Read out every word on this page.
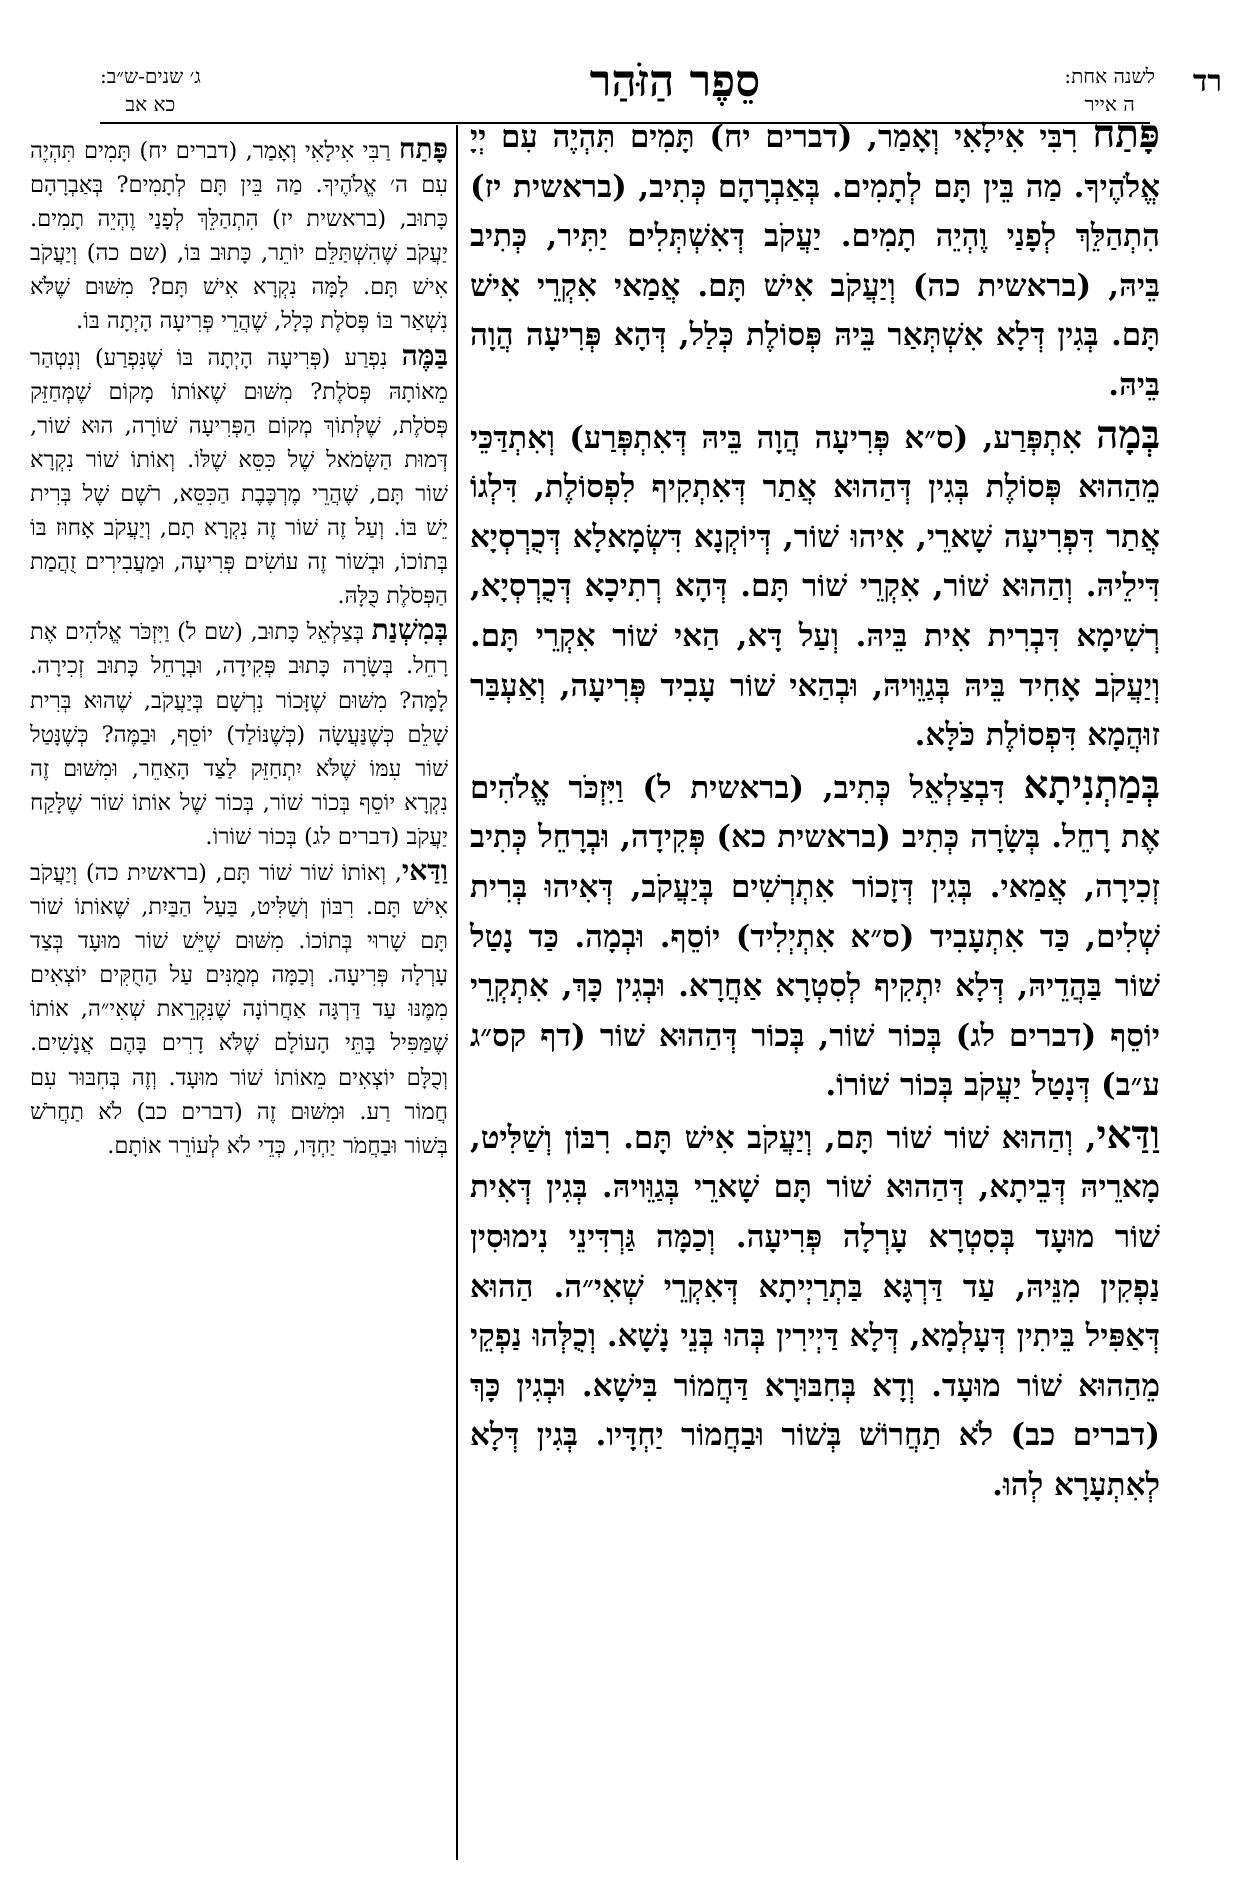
רד
לשנה אחת:
ה אייר
סֵפֶר הַזֹּהַר
ג׳ שנים-ש״ב:
כא אב

פָּתַח רִבִּי אִילָאִי וְאָמַר, (דברים יח) תָּמִים תִּהְיֶה עִם יְיָ אֱלֹהֶיךָ. מַה בֵּין תָּם לְתָמִים. בְּאַבְרָהָם כְּתִיב, (בראשית יז) הִתְהַלֵּךְ לְפָנַי וֶהְיֵה תָמִים. יַעֲקֹב דְּאִשְׁתְּלִים יַתִּיר, כְּתִיב בֵּיהּ, (בראשית כה) וְיַעֲקֹב אִישׁ תָּם. אֲמַאי אִקְרֵי אִישׁ תָּם. בְּגִין דְּלָא אִשְׁתְּאַר בֵּיהּ פְּסוֹלֶת כְּלַל, דְּהָא פְּרִיעָה הֲוָה בֵּיהּ.

בְּמָה אִתְפְּרַע, (ס״א פְּרִיעָה הֲוָה בֵּיהּ דְּאִתְפְּרַע) וְאִתְדַּכֵּי מֵהַהוּא פְּסוֹלֶת בְּגִין דְּהַהוּא אֲתַר דְּאִתְקִיף לִפְסוֹלֶת, דִּלְגוֹ אֲתַר דִּפְרִיעָה שָׁארֵי, אִיהוּ שׁוֹר, דְּיוֹקְנָא דִּשְׂמָאלָא דְּכֻרְסְיָא דִּילֵיהּ. וְהַהוּא שׁוֹר, אִקְרֵי שׁוֹר תָּם. דְּהָא רְתִיכָא דְּכֻרְסְיָא, רְשִׁימָא דִּבְרִית אִית בֵּיהּ. וְעַל דָּא, הַאי שׁוֹר אִקְרֵי תָּם. וְיַעֲקֹב אָחִיד בֵּיהּ בְּגַוֵּויהּ, וּבְהַאי שׁוֹר עָבִיד פְּרִיעָה, וְאַעְבַּר זוּהֲמָא דִּפְסוֹלֶת כֹּלָּא.

בְּמַתְנִיתָא דִּבְצַלְאֵל כְּתִיב, (בראשית ל) וַיִּזְכֹּר אֱלֹהִים אֶת רָחֵל. בְּשָׂרָה כְּתִיב (בראשית כא) פְּקִידָה, וּבְרָחֵל כְּתִיב זְכִירָה, אֲמַאי. בְּגִין דְּזָכוֹר אִתְרְשִׁים בְּיַעֲקֹב, דְּאִיהוּ בְּרִית שְׁלִים, כַּד אִתְעָבִיד (ס״א אִתְיְלִיד) יוֹסֵף. וּבְמָה. כַּד נָטַל שׁוֹר בַּהֲדֵיהּ, דְּלָא יִתְקִיף לְסִטְרָא אַחֲרָא. וּבְגִין כָּךְ, אִתְקְרֵי יוֹסֵף (דברים לג) בְּכוֹר שׁוֹר, בְּכוֹר דְּהַהוּא שׁוֹר (דף קס״ג ע״ב) דְּנָטַל יַעֲקֹב בְּכוֹר שׁוֹרוֹ.

וַדַּאי, וְהַהוּא שׁוֹר שׁוֹר תָּם, וְיַעֲקֹב אִישׁ תָּם. רִבּוֹן וְשַׁלִּיט, מָארֵיהּ דְּבֵיתָא, דְּהַהוּא שׁוֹר תָּם שָׁארֵי בְּגַוֵּויהּ. בְּגִין דְּאִית שׁוֹר מוּעָד בְּסִטְרָא עָרְלָה פְּרִיעָה. וְכַמָּה גַּרְדִּינֵי נִימוּסִין נַפְקִין מִנֵּיהּ, עַד דַּרְגָּא בַּתְרַיְיתָא דְּאִקְרֵי שְׁאִי״ה. הַהוּא דְּאַפִּיל בֵּיתִין דְּעָלְמָא, דְּלָא דַּיְירִין בְּהוּ בְּנֵי נָשָׁא. וְכֻלְּהוּ נַפְקֵי מֵהַהוּא שׁוֹר מוּעָד. וְדָא בְּחִבּוּרָא דַּחֲמוֹר בִּישָׁא. וּבְגִין כָּךְ (דברים כב) לֹא תַחֲרוֹשׁ בְּשׁוֹר וּבַחֲמוֹר יַחְדָּיו. בְּגִין דְּלָא לְאִתְעָרָא לְהוּ.

פָּתַח רַבִּי אִילָאִי וְאָמַר, (דברים יח) תָּמִים תִּהְיֶה עִם ה׳ אֱלֹהֶיךָ. מַה בֵּין תָּם לְתָמִים? בְּאַבְרָהָם כָּתוּב, (בראשית יז) הִתְהַלֵּךְ לְפָנַי וֶהְיֵה תָמִים. יַעֲקֹב שֶׁהִשְׁתַּלֵּם יוֹתֵר, כָּתוּב בּוֹ, (שם כה) וְיַעֲקֹב אִישׁ תָּם. לָמָּה נִקְרָא אִישׁ תָּם? מִשּׁוּם שֶׁלֹּא נִשְׁאַר בּוֹ פְּסֹלֶת כְּלָל, שֶׁהֲרֵי פְּרִיעָה הָיְתָה בּוֹ.

בַּמֶּה נִפְרַע (פְּרִיעָה הָיְתָה בּוֹ שֶׁנִּפְרַע) וְנִטְהַר מֵאוֹתָהּ פְּסֹלֶת? מִשּׁוּם שֶׁאוֹתוֹ מָקוֹם שֶׁמְּחַזֵּק פְּסֹלֶת, שֶׁלְּתוֹךְ מְקוֹם הַפְּרִיעָה שׁוֹרָה, הוּא שׁוֹר, דְּמוּת הַשְּׂמֹאל שֶׁל כִּסֵּא שֶׁלּוֹ. וְאוֹתוֹ שׁוֹר נִקְרָא שׁוֹר תָּם, שֶׁהֲרֵי מֶרְכֶּבֶת הַכִּסֵּא, רֹשֶׁם שֶׁל בְּרִית יֵשׁ בּוֹ. וְעַל זֶה שׁוֹר זֶה נִקְרָא תָם, וְיַעֲקֹב אָחוּז בּוֹ בְּתוֹכוֹ, וּבְשׁוֹר זֶה עוֹשִׂים פְּרִיעָה, וּמַעֲבִירִים זֻהֲמַת הַפְּסֹלֶת כֻּלָּהּ.

בְּמִשְׁנַת בְּצַלְאֵל כָּתוּב, (שם ל) וַיִּזְכֹּר אֱלֹהִים אֶת רָחֵל. בְּשָׂרָה כָּתוּב פְּקִידָה, וּבְרָחֵל כָּתוּב זְכִירָה. לָמָּה? מִשּׁוּם שֶׁזָּכוֹר נִרְשָׁם בְּיַעֲקֹב, שֶׁהוּא בְּרִית שָׁלֵם כְּשֶׁנַּעֲשָׂה (כְּשֶׁנּוֹלַד) יוֹסֵף, וּבַמֶּה? כְּשֶׁנָּטַל שׁוֹר עִמּוֹ שֶׁלֹּא יִתְחַזֵּק לַצַּד הָאַחֵר, וּמִשּׁוּם זֶה נִקְרָא יוֹסֵף בְּכוֹר שׁוֹר, בְּכוֹר שֶׁל אוֹתוֹ שׁוֹר שֶׁלָּקַח יַעֲקֹב (דברים לג) בְּכוֹר שׁוֹרוֹ.

וַדַּאי, וְאוֹתוֹ שׁוֹר שׁוֹר תָּם, (בראשית כה) וְיַעֲקֹב אִישׁ תָּם. רִבּוֹן וְשַׁלִּיט, בַּעַל הַבַּיִת, שֶׁאוֹתוֹ שׁוֹר תָּם שָׁרוּי בְּתוֹכוֹ. מִשּׁוּם שֶׁיֵּשׁ שׁוֹר מוּעָד בְּצַד עָרְלָה פְּרִיעָה. וְכַמָּה מְמֻנִּים עַל הַחֻקִּים יוֹצְאִים מִמֶּנּוּ עַד דַּרְגָּה אַחֲרוֹנָה שֶׁנִּקְרֵאת שְׁאִי״ה, אוֹתוֹ שֶׁמַּפִּיל בָּתֵּי הָעוֹלָם שֶׁלֹּא דָרִים בָּהֶם אֲנָשִׁים. וְכֻלָּם יוֹצְאִים מֵאוֹתוֹ שׁוֹר מוּעָד. וְזֶה בְּחִבּוּר עִם חֲמוֹר רַע. וּמִשּׁוּם זֶה (דברים כב) לֹא תַחֲרֹשׁ בְּשׁוֹר וּבַחֲמֹר יַחְדָּו, כְּדֵי לֹא לְעוֹרֵר אוֹתָם.
